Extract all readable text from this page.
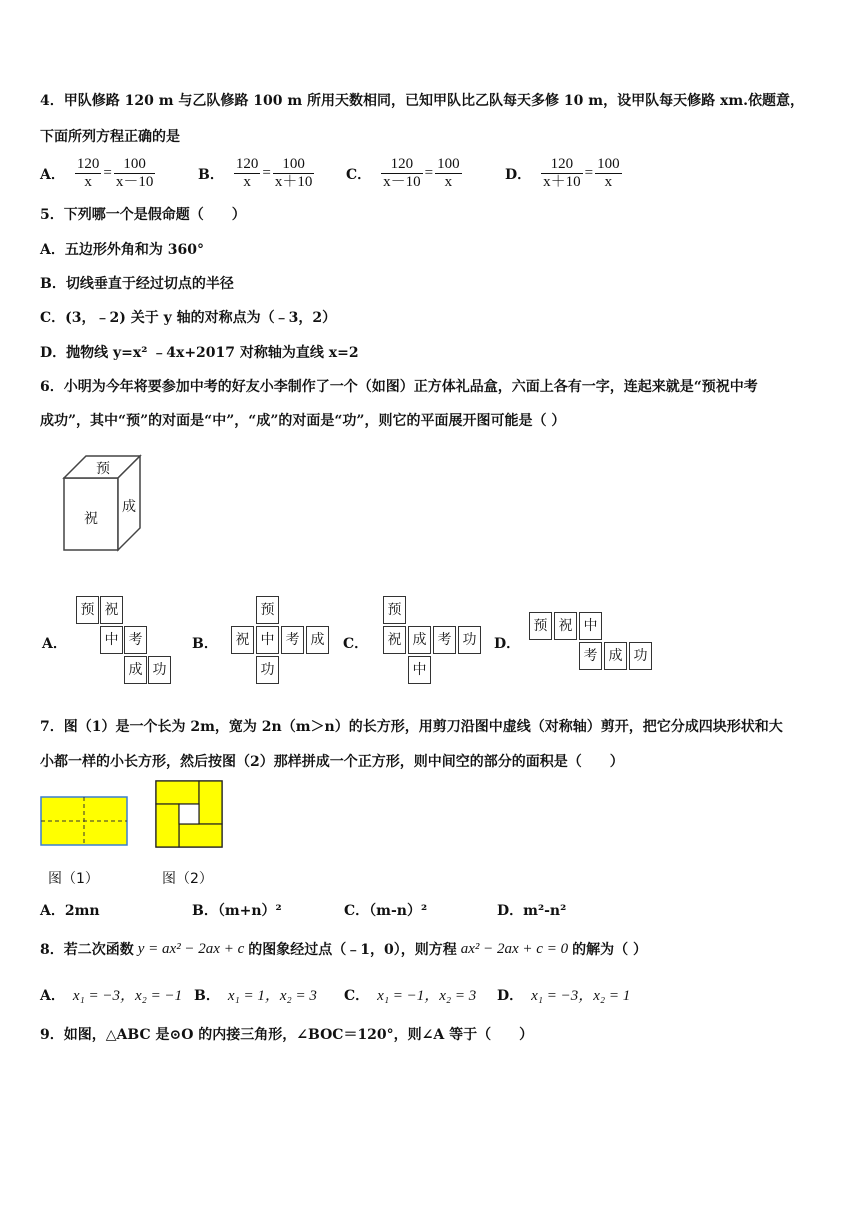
4．甲队修路 120 m 与乙队修路 100 m 所用天数相同，已知甲队比乙队每天多修 10 m，设甲队每天修路 xm.依题意，
下面所列方程正确的是
A． $\frac{120}{x} = \frac{100}{x-10}$	B． $\frac{120}{x} = \frac{100}{x+10}$ C． $\frac{120}{x-10} = \frac{100}{x}$	D． $\frac{120}{x+10} = \frac{100}{x}$
5．下列哪一个是假命题（　　）
A．五边形外角和为 360°
B．切线垂直于经过切点的半径
C．(3，﹣2) 关于 y 轴的对称点为（﹣3，2）
D．抛物线 y=x² ﹣4x+2017 对称轴为直线 x=2
6．小明为今年将要参加中考的好友小李制作了一个（如图）正方体礼品盒，六面上各有一字，连起来就是“预祝中考
成功”，其中“预”的对面是“中”，“成”的对面是“功”，则它的平面展开图可能是（ ）
预
祝
成
A．
预 祝
中 考
成 功
B．
预
祝 中 考 成
功
C．
预
祝 成 考 功
中
D．
预 祝 中
考 成 功
7．图（1）是一个长为 2m，宽为 2n（m＞n）的长方形，用剪刀沿图中虚线（对称轴）剪开，把它分成四块形状和大
小都一样的小长方形，然后按图（2）那样拼成一个正方形，则中间空的部分的面积是（　　）
图（1）	图（2）
A．2mn	B．（m+n）²	C．（m-n）²	D．m²-n²
8．若二次函数 y = ax² − 2ax + c 的图象经过点（﹣1，0），则方程 ax² − 2ax + c = 0 的解为（ ）
A． x₁ = −3，x₂ = −1 B． x₁ = 1，x₂ = 3 C． x₁ = −1，x₂ = 3 D． x₁ = −3，x₂ = 1
9．如图，△ABC 是⊙O 的内接三角形，∠BOC＝120°，则∠A 等于（　　）
